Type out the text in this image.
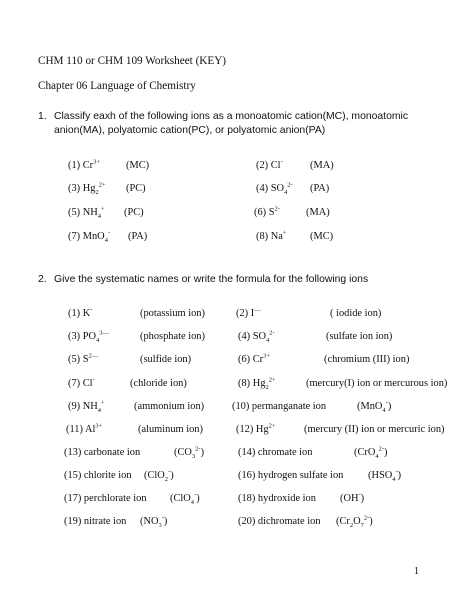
CHM 110 or CHM 109 Worksheet (KEY)
Chapter 06 Language of Chemistry
1. Classify eaxh of the following ions as a monoatomic cation(MC), monoatomic
anion(MA), polyatomic cation(PC), or polyatomic anion(PA)
(1) $Cr^{3+}$ (MC)	(2) Cl-	(MA)
(3) $Hg_2^{2+}$ (PC)	(4) $SO_4^{2-}$ (PA)
(5) $NH_4^+$ (PC)	(6) $S^{2-}$	(MA)
(7) MnO$_4$- (PA)	(8) Na+ (MC)
2. Give the systematic names or write the formula for the following ions
(1) K-	(potassium ion)	(2) I—	( iodide ion)
(3) $PO_4^{3—}$	(phosphate ion)	(4) $SO_4^{2-}$	(sulfate ion ion)
(5) $S^{2—}$	(sulfide ion)	(6) $Cr^{3+}$	(chromium (III) ion)
(7) Cl-	(chloride ion)	(8) $Hg_2^{2+}$	(mercury(I) ion or mercurous ion)
(9) $NH_4^+$	(ammonium ion)	(10) permanganate ion	(MnO$_4$-)
(11) $Al^{3+}$	(aluminum ion)	(12) $Hg^{2+}$	(mercury (II) ion or mercuric ion)
(13) carbonate ion	$(CO_3^{2-})$	(14) chromate ion	(CrO$_4^{2-}$)
(15) chlorite ion (ClO$_2$-)	(16) hydrogen sulfate ion $(HSO_4^-)$
(17) perchlorate ion (ClO$_4$-)	(18) hydroxide ion (OH-)
(19) nitrate ion $(NO_3^-)$	(20) dichromate ion $(Cr_2O_7^{2-})$
1
